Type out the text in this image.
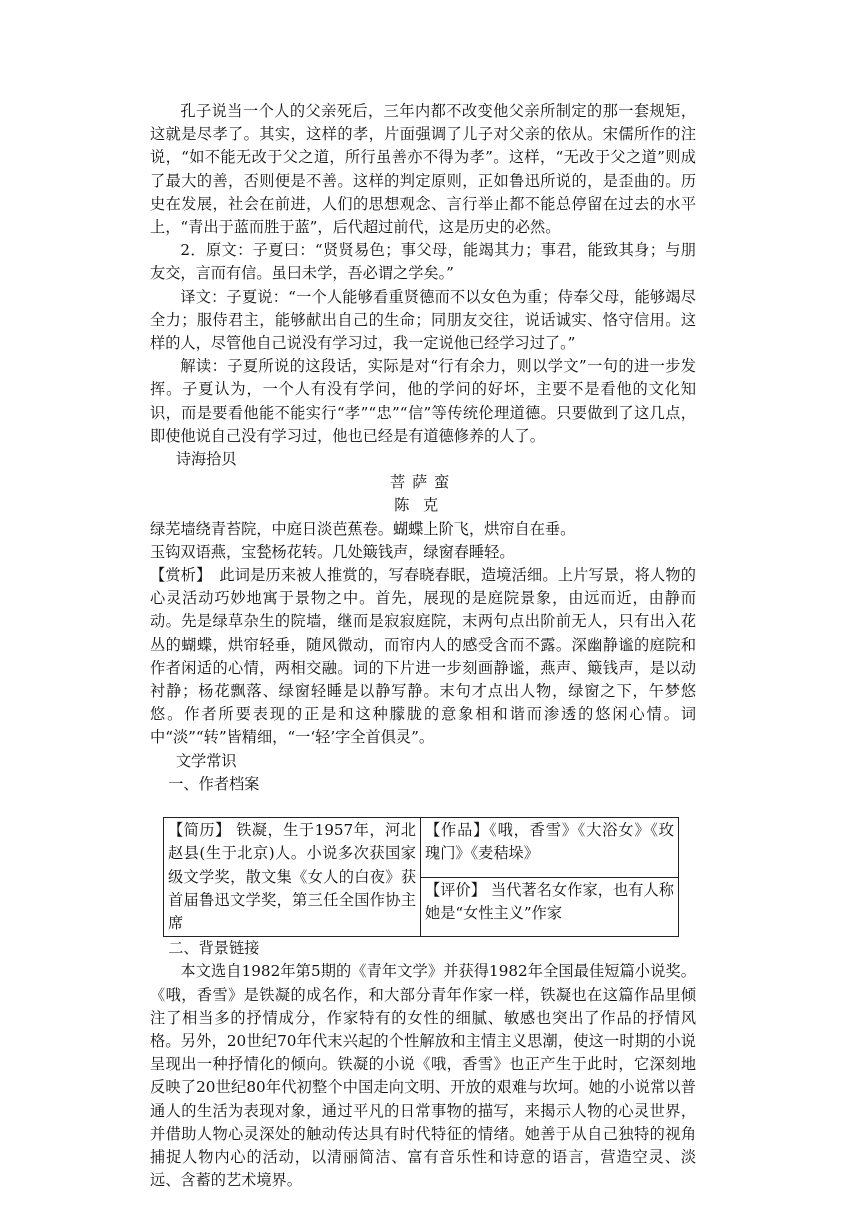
孔子说当一个人的父亲死后，三年内都不改变他父亲所制定的那一套规矩，这就是尽孝了。其实，这样的孝，片面强调了儿子对父亲的依从。宋儒所作的注说，“如不能无改于父之道，所行虽善亦不得为孝”。这样，“无改于父之道”则成了最大的善，否则便是不善。这样的判定原则，正如鲁迅所说的，是歪曲的。历史在发展，社会在前进，人们的思想观念、言行举止都不能总停留在过去的水平上，“青出于蓝而胜于蓝”，后代超过前代，这是历史的必然。

2．原文：子夏曰：“贤贤易色；事父母，能竭其力；事君，能致其身；与朋友交，言而有信。虽曰未学，吾必谓之学矣。”

译文：子夏说：“一个人能够看重贤德而不以女色为重；侍奉父母，能够竭尽全力；服侍君主，能够献出自己的生命；同朋友交往，说话诚实、恪守信用。这样的人，尽管他自己说没有学习过，我一定说他已经学习过了。”

解读：子夏所说的这段话，实际是对“行有余力，则以学文”一句的进一步发挥。子夏认为，一个人有没有学问，他的学问的好坏，主要不是看他的文化知识，而是要看他能不能实行“孝”“忠”“信”等传统伦理道德。只要做到了这几点，即使他说自己没有学习过，他也已经是有道德修养的人了。

诗海拾贝

菩萨蛮

陈克

绿芜墙绕青苔院，中庭日淡芭蕉卷。蝴蝶上阶飞，烘帘自在垂。

玉钩双语燕，宝甃杨花转。几处簸钱声，绿窗春睡轻。

【赏析】　此词是历来被人推赏的，写春晓春眠，造境活细。上片写景，将人物的心灵活动巧妙地寓于景物之中。首先，展现的是庭院景象，由远而近，由静而动。先是绿草杂生的院墙，继而是寂寂庭院，末两句点出阶前无人，只有出入花丛的蝴蝶，烘帘轻垂，随风微动，而帘内人的感受含而不露。深幽静谧的庭院和作者闲适的心情，两相交融。词的下片进一步刻画静谧，燕声、簸钱声，是以动衬静；杨花飘落、绿窗轻睡是以静写静。末句才点出人物，绿窗之下，午梦悠悠。作者所要表现的正是和这种朦胧的意象相和谐而渗透的悠闲心情。词中“淡”“转”皆精细，“一‘轻’字全首俱灵”。

文学常识

一、作者档案

【简历】 铁凝，生于1957年，河北赵县(生于北京)人。小说多次获国家级文学奖，散文集《女人的白夜》获首届鲁迅文学奖，第三任全国作协主席	【作品】《哦，香雪》《大浴女》《玫瑰门》《麦秸垛》
【评价】 当代著名女作家，也有人称她是“女性主义”作家

二、背景链接

本文选自1982年第5期的《青年文学》并获得1982年全国最佳短篇小说奖。《哦，香雪》是铁凝的成名作，和大部分青年作家一样，铁凝也在这篇作品里倾注了相当多的抒情成分，作家特有的女性的细腻、敏感也突出了作品的抒情风格。另外，20世纪70年代末兴起的个性解放和主情主义思潮，使这一时期的小说呈现出一种抒情化的倾向。铁凝的小说《哦，香雪》也正产生于此时，它深刻地反映了20世纪80年代初整个中国走向文明、开放的艰难与坎坷。她的小说常以普通人的生活为表现对象，通过平凡的日常事物的描写，来揭示人物的心灵世界，并借助人物心灵深处的触动传达具有时代特征的情绪。她善于从自己独特的视角捕捉人物内心的活动，以清丽简洁、富有音乐性和诗意的语言，营造空灵、淡远、含蓄的艺术境界。
